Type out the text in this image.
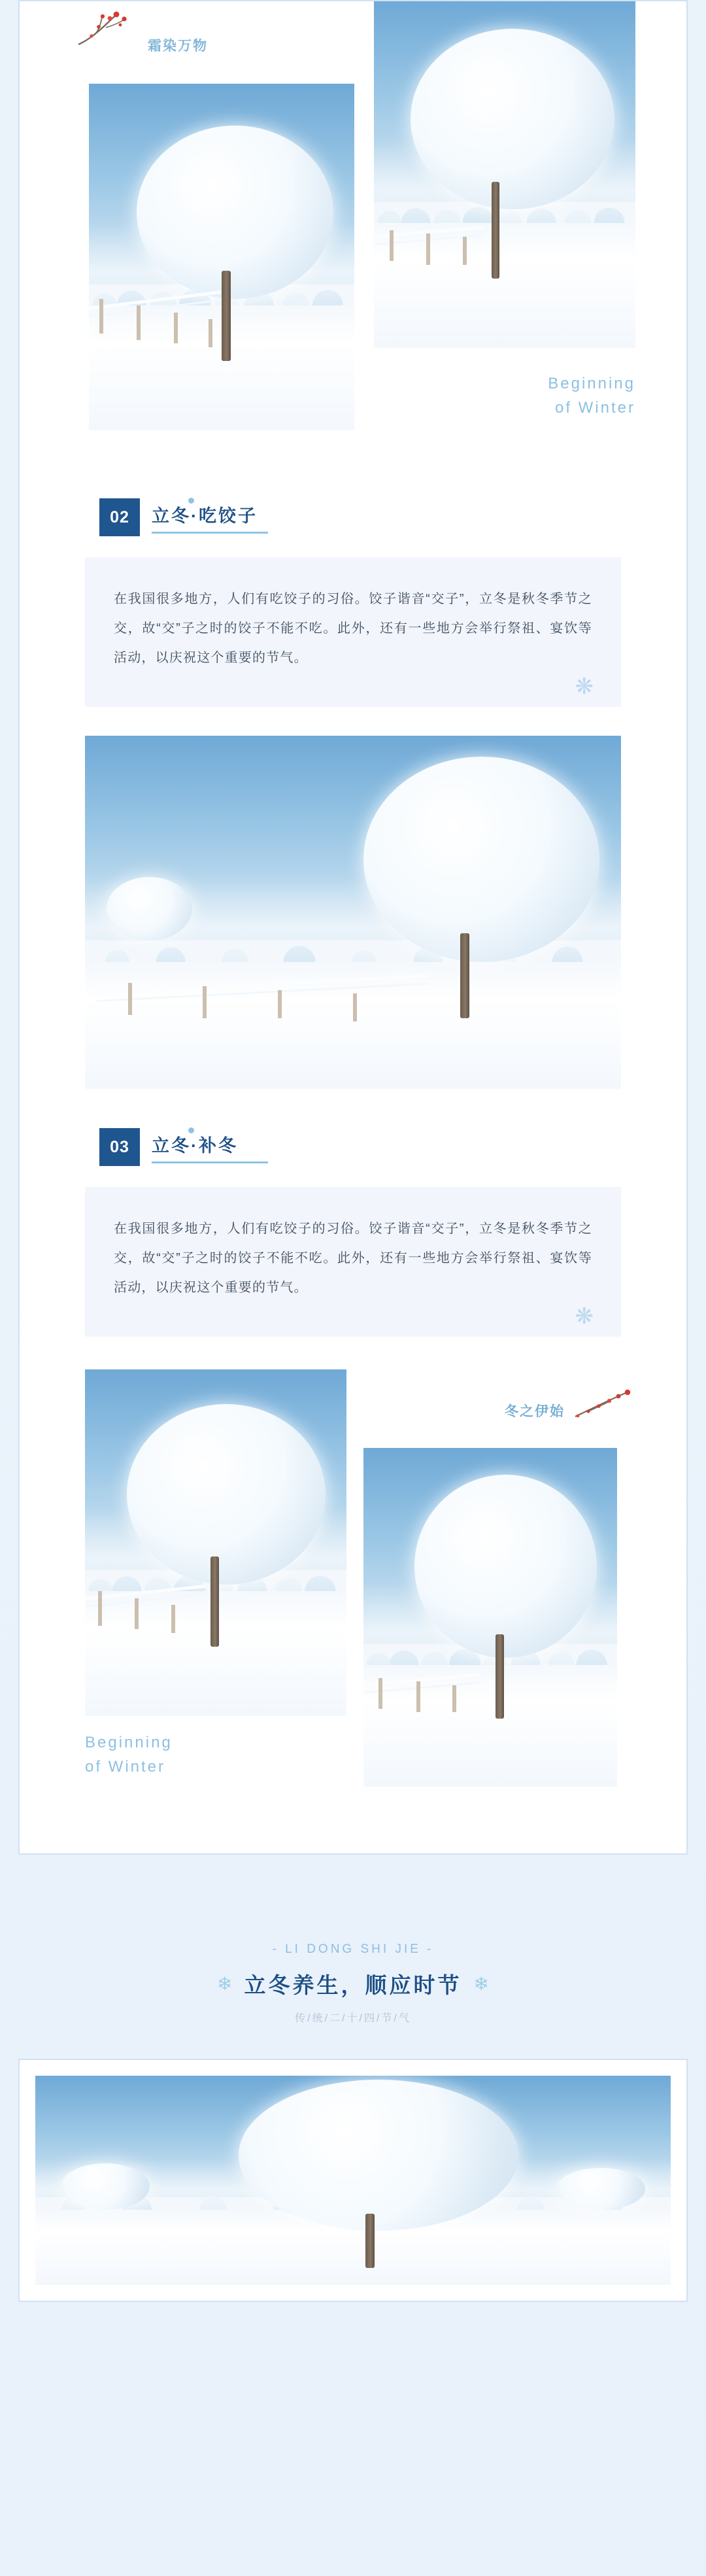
霜染万物
Beginning
of Winter
02	立冬·吃饺子

在我国很多地方，人们有吃饺子的习俗。饺子谐音“交子”，立冬是秋冬季节之交，故“交”子之时的饺子不能不吃。此外，还有一些地方会举行祭祖、宴饮等活动，以庆祝这个重要的节气。

❋
03	立冬·补冬

在我国很多地方，人们有吃饺子的习俗。饺子谐音“交子”，立冬是秋冬季节之交，故“交”子之时的饺子不能不吃。此外，还有一些地方会举行祭祖、宴饮等活动，以庆祝这个重要的节气。

❋
冬之伊始
Beginning
of Winter
- LI DONG SHI JIE -
❄ 立冬养生，顺应时节 ❄
传/统/二/十/四/节/气
